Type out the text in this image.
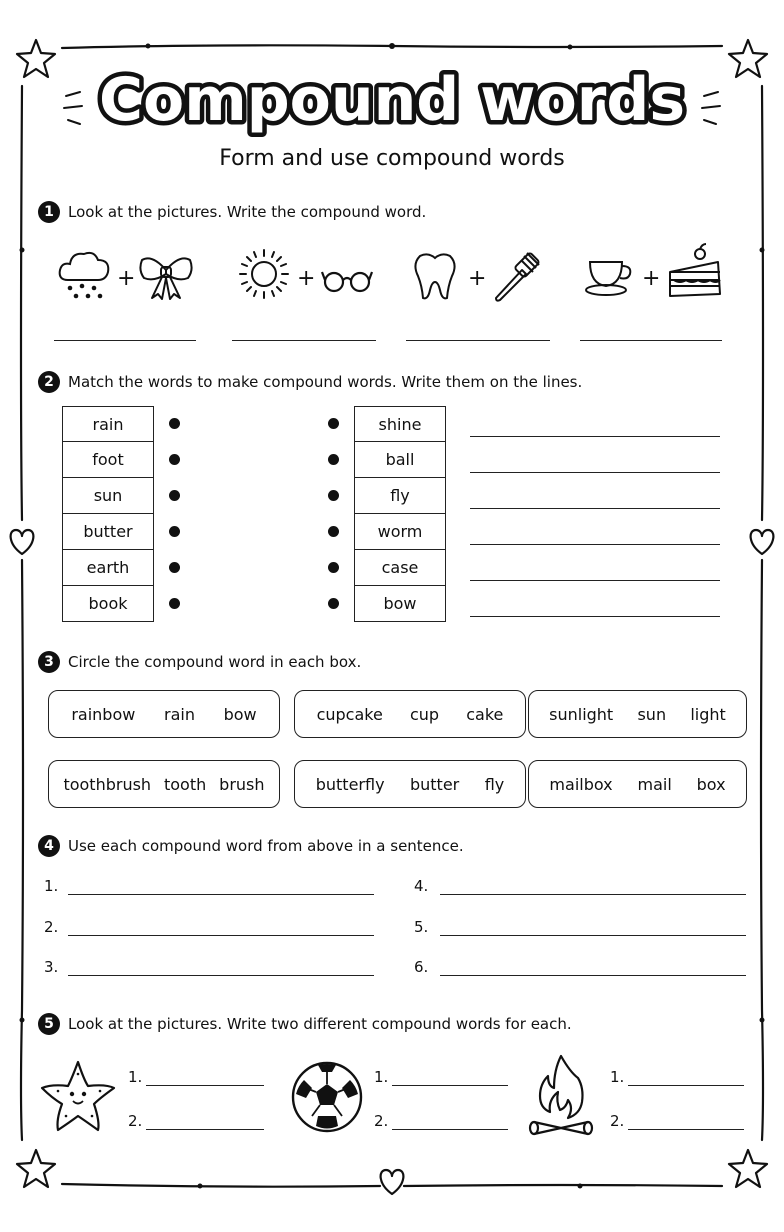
Compound words
Form and use compound words
1 Look at the pictures. Write the compound word.
+	+	+	+
2 Match the words to make compound words. Write them on the lines.
rain
foot
sun
butter
earth
book
shine
ball
fly
worm
case
bow
3 Circle the compound word in each box.
rainbow rain bow	cupcake cup cake	sunlight sun light
toothbrush tooth brush	butterfly butter fly	mailbox mail box
4 Use each compound word from above in a sentence.
1.
2.
3.
4.
5.
6.
5 Look at the pictures. Write two different compound words for each.
1.
2.
1.
2.
1.
2.
